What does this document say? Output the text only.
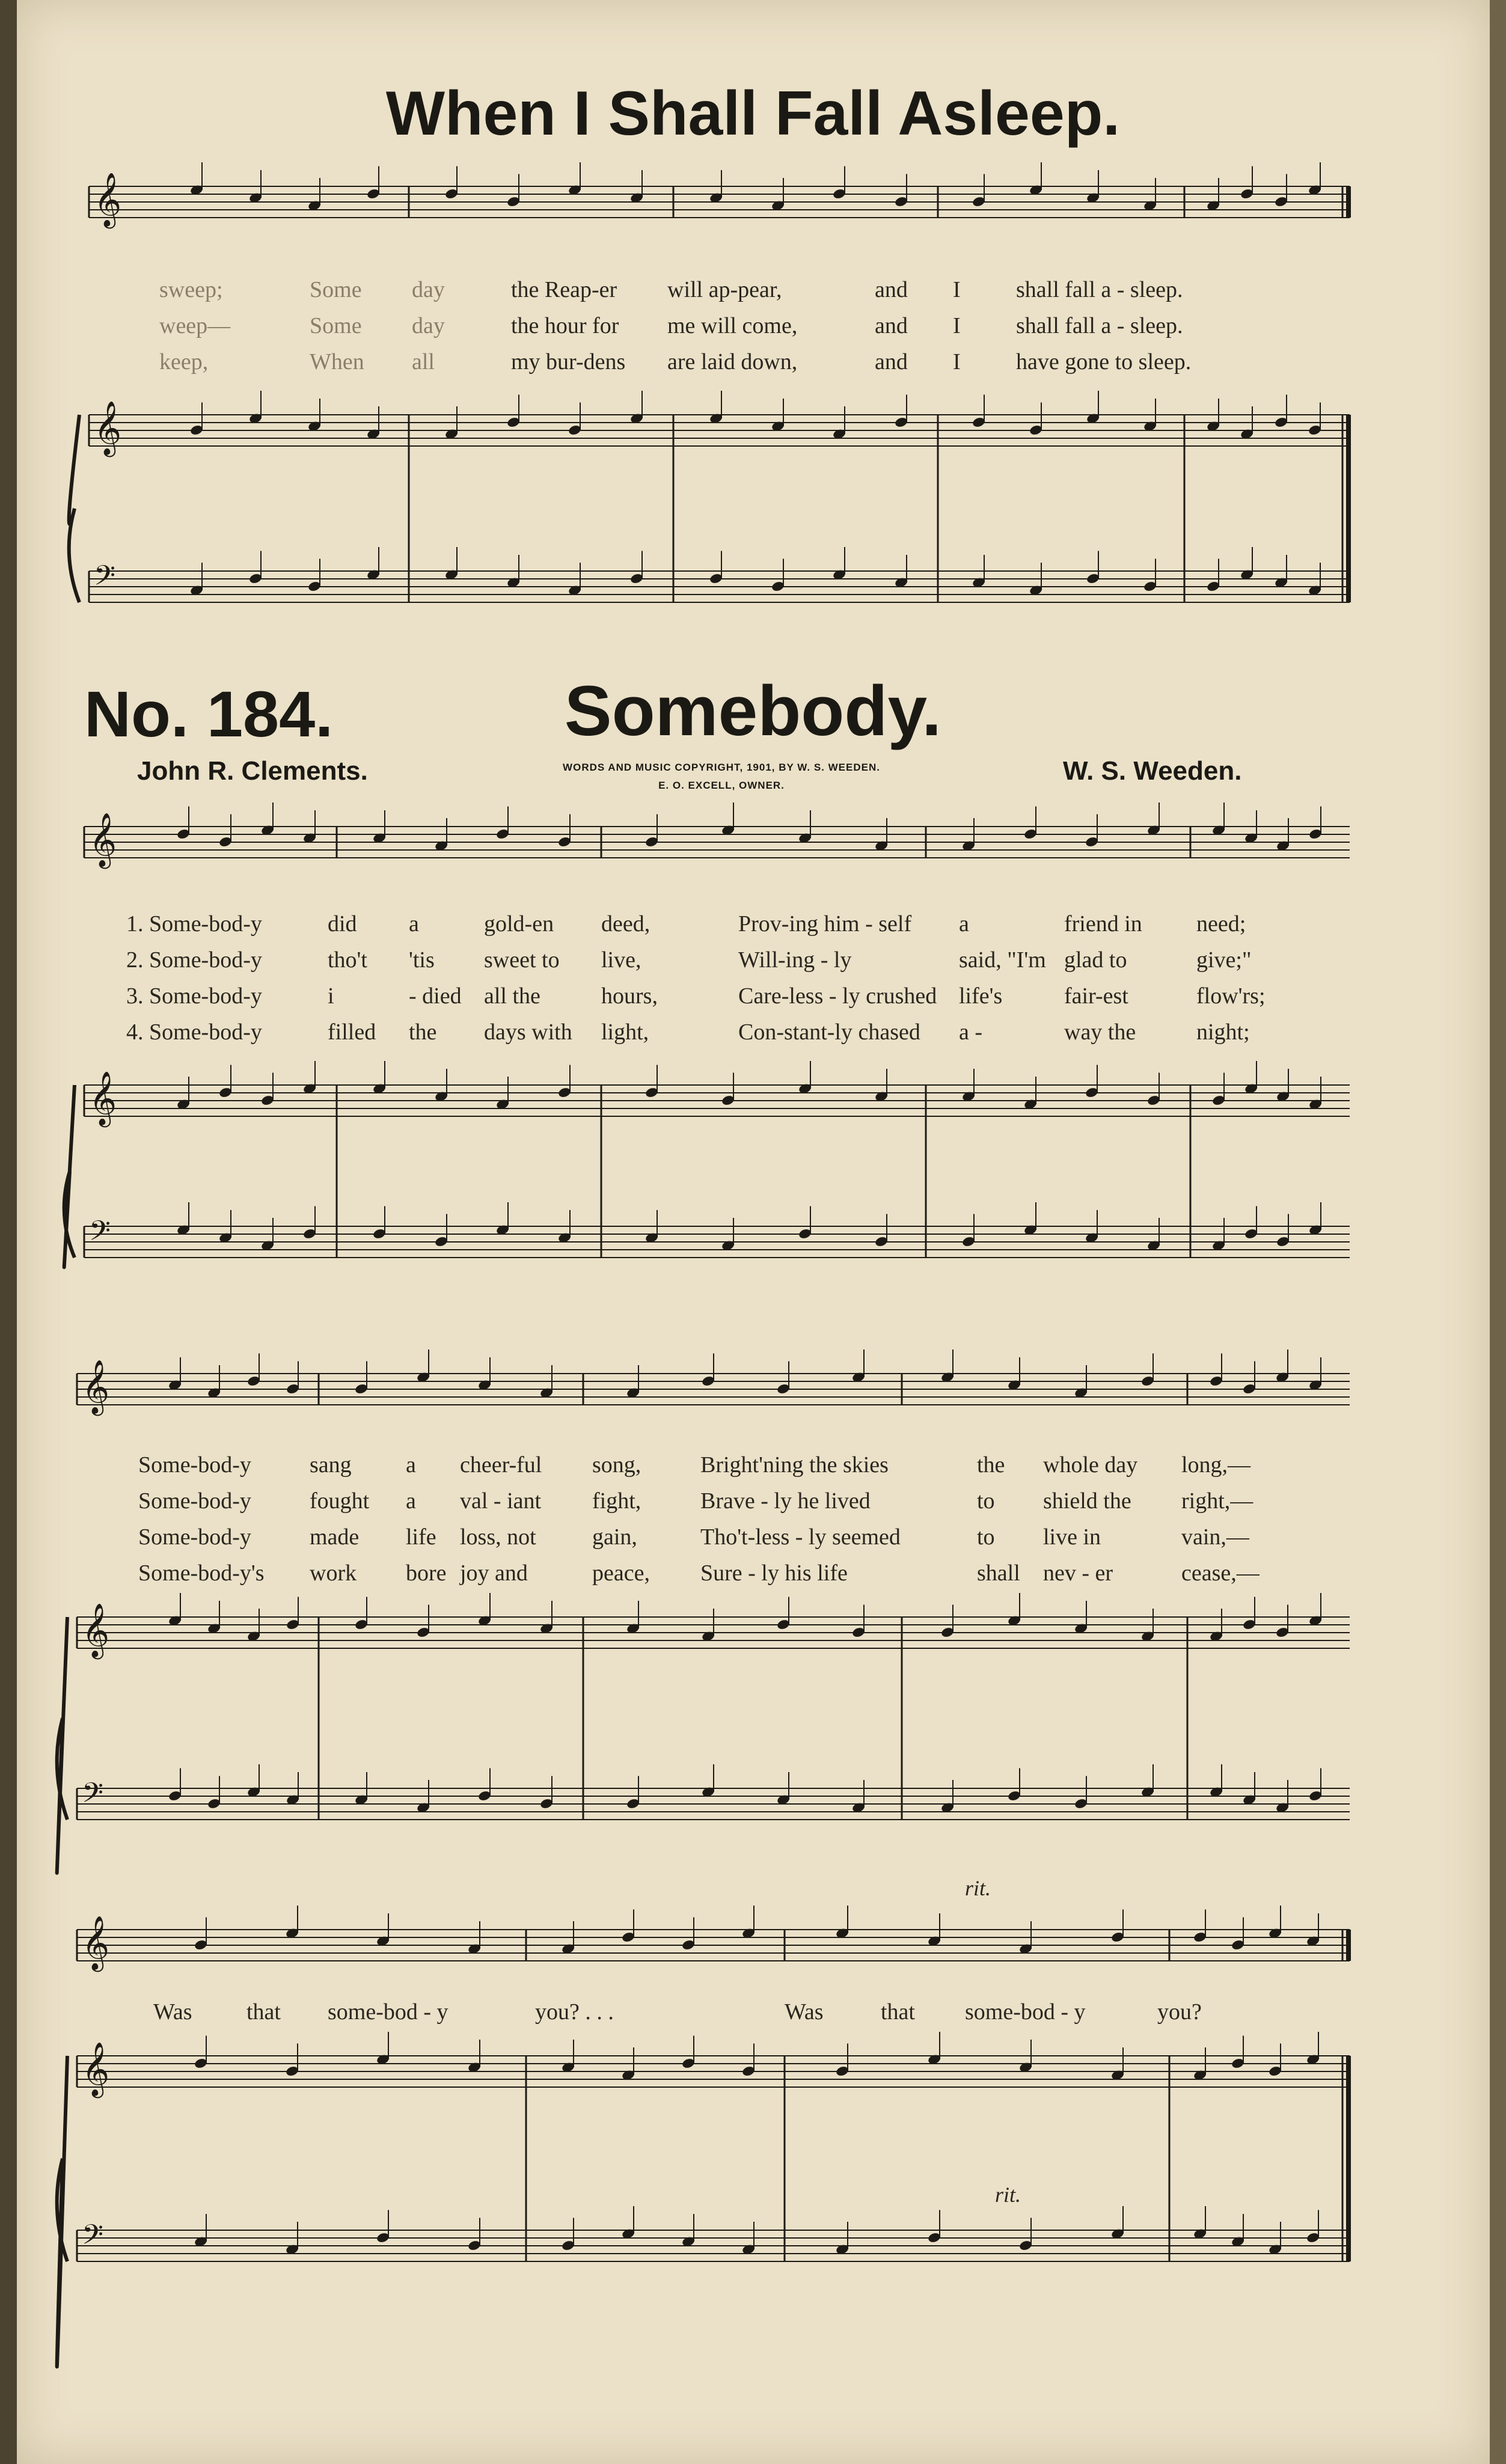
When I Shall Fall Asleep.
No. 184.	Somebody.
John R. Clements.	W. S. Weeden.
WORDS AND MUSIC COPYRIGHT, 1901, BY W. S. WEEDEN.
E. O. EXCELL, OWNER.
𝄞
𝄞
𝄢
𝄞
𝄞
𝄢
𝄞
𝄞
𝄢
𝄞
𝄞
𝄢
sweep;	Some day	the Reap-er will ap-pear,	and I shall fall a - sleep.
weep—	Some day	the hour for me will come,	and I shall fall a - sleep.
keep,	When all	my bur-dens are laid down,	and I have gone to sleep.
1. Some-bod-y	did a	gold-en deed,	Prov-ing him - self a	friend in need;
2. Some-bod-y	tho't 'tis sweet to live,	Will-ing - ly	said, "I'm glad to	give;"
3. Some-bod-y	i	- died all the	hours,	Care-less - ly crushed life's	fair-est	flow'rs;
4. Some-bod-y	filled the days with light,	Con-stant-ly chased a -	way the	night;
Some-bod-y	sang a cheer-ful song,	Bright'ning the skies	the whole day long,—
Some-bod-y	fought a val - iant fight,	Brave - ly he lived	to shield the right,—
Some-bod-y	made life loss, not gain,	Tho't-less - ly seemed	to live in	vain,—
Some-bod-y's work bore joy and	peace, Sure - ly his life	shall nev - er	cease,—
Was that some-bod - y	you? . . .	Was	that some-bod - y	you?
rit.
rit.
